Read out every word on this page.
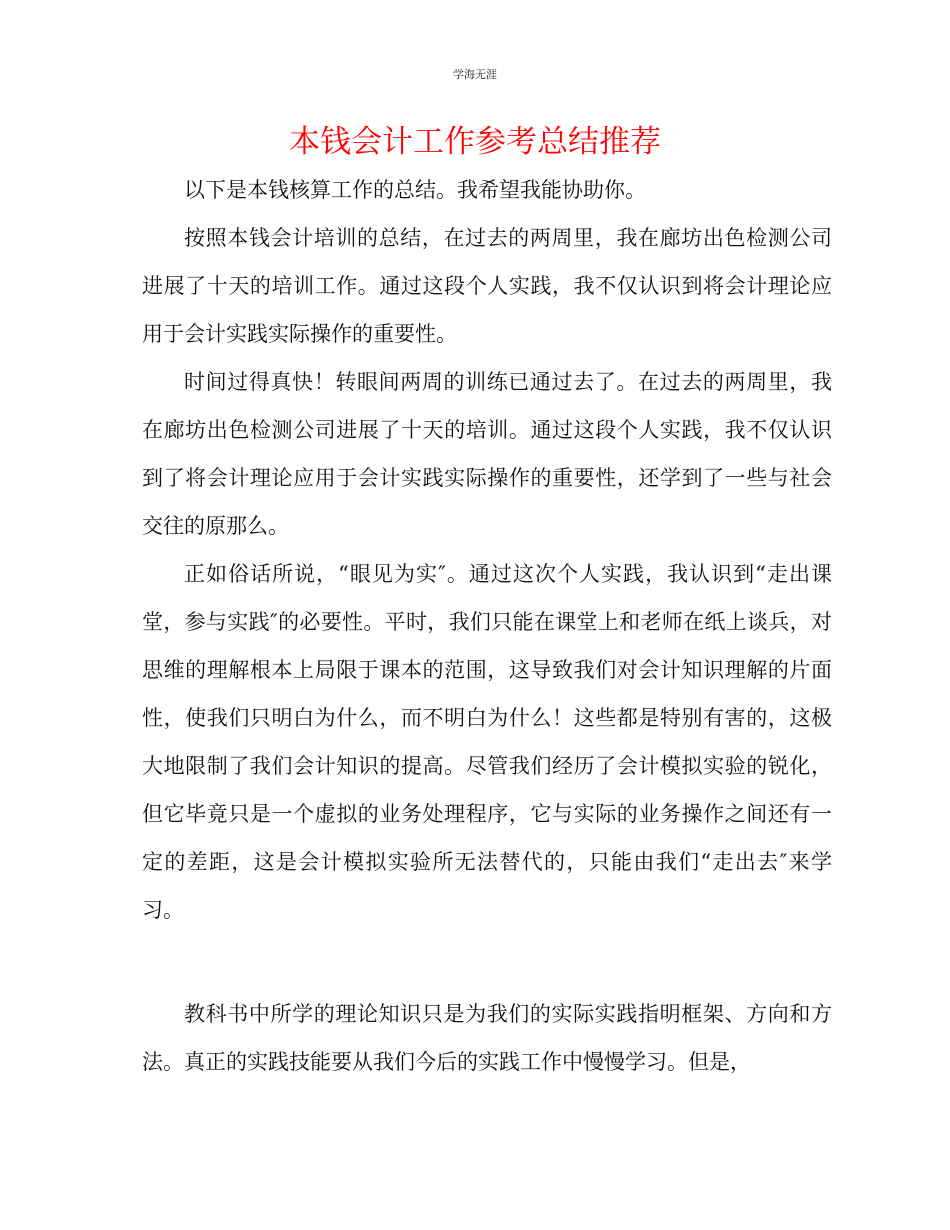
学海无涯
本钱会计工作参考总结推荐

以下是本钱核算工作的总结。我希望我能协助你。

按照本钱会计培训的总结，在过去的两周里，我在廊坊出色检测公司进展了十天的培训工作。通过这段个人实践，我不仅认识到将会计理论应用于会计实践实际操作的重要性。

时间过得真快！转眼间两周的训练已通过去了。在过去的两周里，我在廊坊出色检测公司进展了十天的培训。通过这段个人实践，我不仅认识到了将会计理论应用于会计实践实际操作的重要性，还学到了一些与社会交往的原那么。

正如俗话所说，“眼见为实″。通过这次个人实践，我认识到“走出课堂，参与实践″的必要性。平时，我们只能在课堂上和老师在纸上谈兵，对思维的理解根本上局限于课本的范围，这导致我们对会计知识理解的片面性，使我们只明白为什么，而不明白为什么！这些都是特别有害的，这极大地限制了我们会计知识的提高。尽管我们经历了会计模拟实验的锐化，但它毕竟只是一个虚拟的业务处理程序，它与实际的业务操作之间还有一定的差距，这是会计模拟实验所无法替代的，只能由我们“走出去″来学习。

教科书中所学的理论知识只是为我们的实际实践指明框架、方向和方法。真正的实践技能要从我们今后的实践工作中慢慢学习。但是，
